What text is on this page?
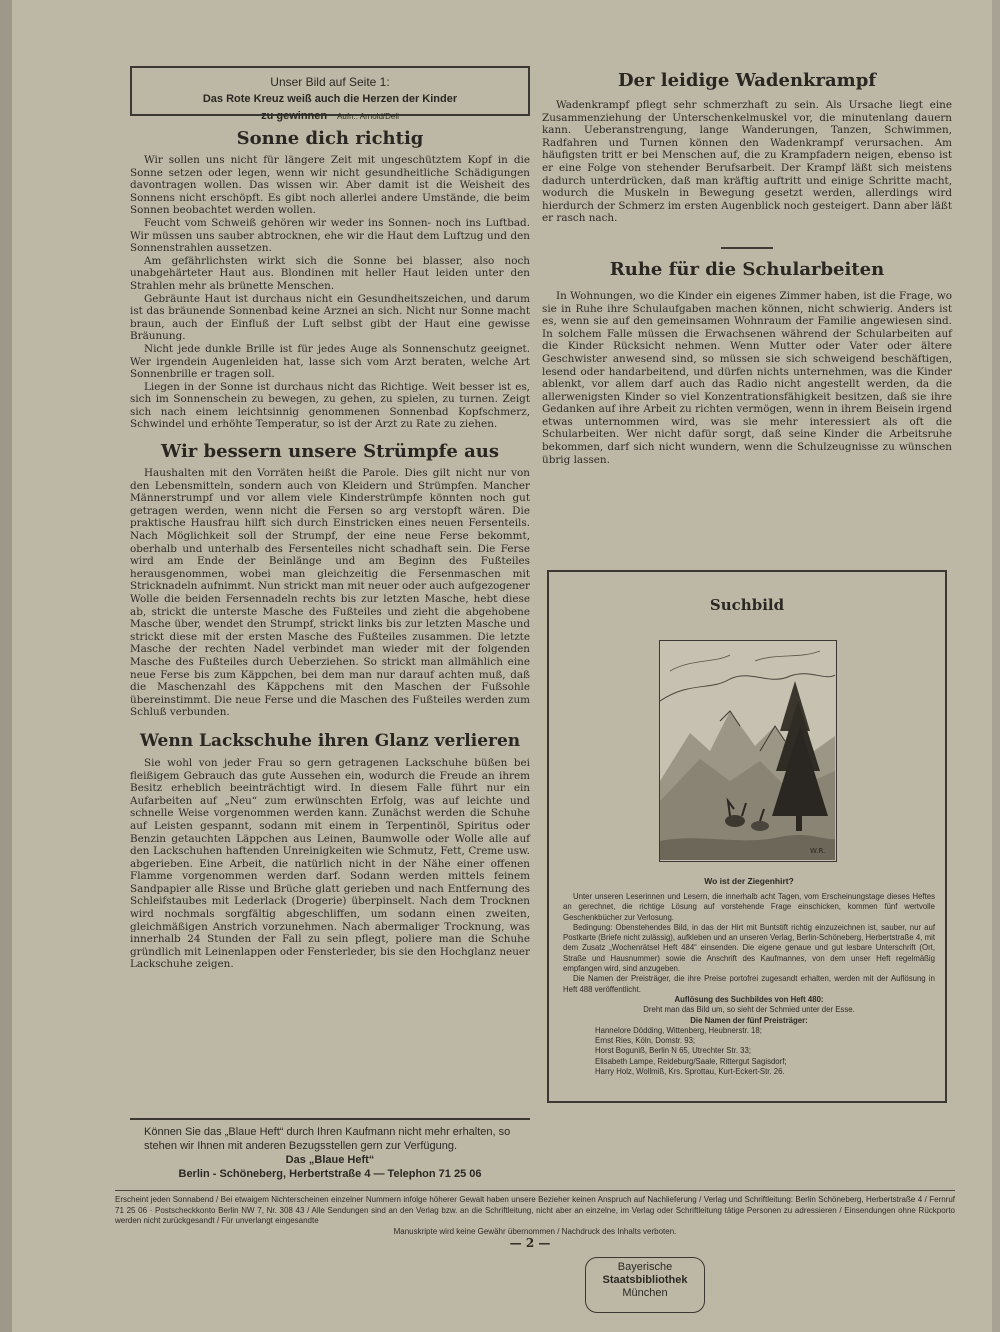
Unser Bild auf Seite 1:
Das Rote Kreuz weiß auch die Herzen der Kinder
zu gewinnen Aufn.: Arnold/Deli
Sonne dich richtig

Wir sollen uns nicht für längere Zeit mit ungeschütztem Kopf in die Sonne setzen oder legen, wenn wir nicht gesundheitliche Schädigungen davontragen wollen. Das wissen wir. Aber damit ist die Weisheit des Sonnens nicht erschöpft. Es gibt noch allerlei andere Umstände, die beim Sonnen beobachtet werden wollen.

Feucht vom Schweiß gehören wir weder ins Sonnen- noch ins Luftbad. Wir müssen uns sauber abtrocknen, ehe wir die Haut dem Luftzug und den Sonnenstrahlen aussetzen.

Am gefährlichsten wirkt sich die Sonne bei blasser, also noch unabgehärteter Haut aus. Blondinen mit heller Haut leiden unter den Strahlen mehr als brünette Menschen.

Gebräunte Haut ist durchaus nicht ein Gesundheitszeichen, und darum ist das bräunende Sonnenbad keine Arznei an sich. Nicht nur Sonne macht braun, auch der Einfluß der Luft selbst gibt der Haut eine gewisse Bräunung.

Nicht jede dunkle Brille ist für jedes Auge als Sonnenschutz geeignet. Wer irgendein Augenleiden hat, lasse sich vom Arzt beraten, welche Art Sonnenbrille er tragen soll.

Liegen in der Sonne ist durchaus nicht das Richtige. Weit besser ist es, sich im Sonnenschein zu bewegen, zu gehen, zu spielen, zu turnen. Zeigt sich nach einem leichtsinnig genommenen Sonnenbad Kopfschmerz, Schwindel und erhöhte Temperatur, so ist der Arzt zu Rate zu ziehen.

Wir bessern unsere Strümpfe aus

Haushalten mit den Vorräten heißt die Parole. Dies gilt nicht nur von den Lebensmitteln, sondern auch von Kleidern und Strümpfen. Mancher Männerstrumpf und vor allem viele Kinderstrümpfe könnten noch gut getragen werden, wenn nicht die Fersen so arg verstopft wären. Die praktische Hausfrau hilft sich durch Einstricken eines neuen Fersenteils. Nach Möglichkeit soll der Strumpf, der eine neue Ferse bekommt, oberhalb und unterhalb des Fersenteiles nicht schadhaft sein. Die Ferse wird am Ende der Beinlänge und am Beginn des Fußteiles herausgenommen, wobei man gleichzeitig die Fersenmaschen mit Stricknadeln aufnimmt. Nun strickt man mit neuer oder auch aufgezogener Wolle die beiden Fersennadeln rechts bis zur letzten Masche, hebt diese ab, strickt die unterste Masche des Fußteiles und zieht die abgehobene Masche über, wendet den Strumpf, strickt links bis zur letzten Masche und strickt diese mit der ersten Masche des Fußteiles zusammen. Die letzte Masche der rechten Nadel verbindet man wieder mit der folgenden Masche des Fußteiles durch Ueberziehen. So strickt man allmählich eine neue Ferse bis zum Käppchen, bei dem man nur darauf achten muß, daß die Maschenzahl des Käppchens mit den Maschen der Fußsohle übereinstimmt. Die neue Ferse und die Maschen des Fußteiles werden zum Schluß verbunden.

Wenn Lackschuhe ihren Glanz verlieren

Sie wohl von jeder Frau so gern getragenen Lackschuhe büßen bei fleißigem Gebrauch das gute Aussehen ein, wodurch die Freude an ihrem Besitz erheblich beeinträchtigt wird. In diesem Falle führt nur ein Aufarbeiten auf „Neu“ zum erwünschten Erfolg, was auf leichte und schnelle Weise vorgenommen werden kann. Zunächst werden die Schuhe auf Leisten gespannt, sodann mit einem in Terpentinöl, Spiritus oder Benzin getauchten Läppchen aus Leinen, Baumwolle oder Wolle alle auf den Lackschuhen haftenden Unreinigkeiten wie Schmutz, Fett, Creme usw. abgerieben. Eine Arbeit, die natürlich nicht in der Nähe einer offenen Flamme vorgenommen werden darf. Sodann werden mittels feinem Sandpapier alle Risse und Brüche glatt gerieben und nach Entfernung des Schleifstaubes mit Lederlack (Drogerie) überpinselt. Nach dem Trocknen wird nochmals sorgfältig abgeschliffen, um sodann einen zweiten, gleichmäßigen Anstrich vorzunehmen. Nach abermaliger Trocknung, was innerhalb 24 Stunden der Fall zu sein pflegt, poliere man die Schuhe gründlich mit Leinenlappen oder Fensterleder, bis sie den Hochglanz neuer Lackschuhe zeigen.

Können Sie das „Blaue Heft“ durch Ihren Kaufmann nicht mehr erhalten, so stehen wir Ihnen mit anderen Bezugsstellen gern zur Verfügung.
Das „Blaue Heft“
Berlin - Schöneberg, Herbertstraße 4 — Telephon 71 25 06
Der leidige Wadenkrampf

Wadenkrampf pflegt sehr schmerzhaft zu sein. Als Ursache liegt eine Zusammenziehung der Unterschenkelmuskel vor, die minutenlang dauern kann. Ueberanstrengung, lange Wanderungen, Tanzen, Schwimmen, Radfahren und Turnen können den Wadenkrampf verursachen. Am häufigsten tritt er bei Menschen auf, die zu Krampfadern neigen, ebenso ist er eine Folge von stehender Berufsarbeit. Der Krampf läßt sich meistens dadurch unterdrücken, daß man kräftig auftritt und einige Schritte macht, wodurch die Muskeln in Bewegung gesetzt werden, allerdings wird hierdurch der Schmerz im ersten Augenblick noch gesteigert. Dann aber läßt er rasch nach.

Ruhe für die Schularbeiten

In Wohnungen, wo die Kinder ein eigenes Zimmer haben, ist die Frage, wo sie in Ruhe ihre Schulaufgaben machen können, nicht schwierig. Anders ist es, wenn sie auf den gemeinsamen Wohnraum der Familie angewiesen sind. In solchem Falle müssen die Erwachsenen während der Schularbeiten auf die Kinder Rücksicht nehmen. Wenn Mutter oder Vater oder ältere Geschwister anwesend sind, so müssen sie sich schweigend beschäftigen, lesend oder handarbeitend, und dürfen nichts unternehmen, was die Kinder ablenkt, vor allem darf auch das Radio nicht angestellt werden, da die allerwenigsten Kinder so viel Konzentrationsfähigkeit besitzen, daß sie ihre Gedanken auf ihre Arbeit zu richten vermögen, wenn in ihrem Beisein irgend etwas unternommen wird, was sie mehr interessiert als oft die Schularbeiten. Wer nicht dafür sorgt, daß seine Kinder die Arbeitsruhe bekommen, darf sich nicht wundern, wenn die Schulzeugnisse zu wünschen übrig lassen.

Suchbild
W.R.
Wo ist der Ziegenhirt?

Unter unseren Leserinnen und Lesern, die innerhalb acht Tagen, vom Erscheinungstage dieses Heftes an gerechnet, die richtige Lösung auf vorstehende Frage einschicken, kommen fünf wertvolle Geschenkbücher zur Verlosung.

Bedingung: Obenstehendes Bild, in das der Hirt mit Buntstift richtig einzuzeichnen ist, sauber, nur auf Postkarte (Briefe nicht zulässig), aufkleben und an unseren Verlag, Berlin-Schöneberg, Herbertstraße 4, mit dem Zusatz „Wochenrätsel Heft 484“ einsenden. Die eigene genaue und gut lesbare Unterschrift (Ort, Straße und Hausnummer) sowie die Anschrift des Kaufmannes, von dem unser Heft regelmäßig empfangen wird, sind anzugeben.

Die Namen der Preisträger, die ihre Preise portofrei zugesandt erhalten, werden mit der Auflösung in Heft 488 veröffentlicht.

Auflösung des Suchbildes von Heft 480:

Dreht man das Bild um, so sieht der Schmied unter der Esse.

Die Namen der fünf Preisträger:

Hannelore Dödding, Wittenberg, Heubnerstr. 18;
Ernst Ries, Köln, Domstr. 93;
Horst Boguniß, Berlin N 65, Utrechter Str. 33;
Elisabeth Lampe, Reideburg/Saale, Rittergut Sagisdorf;
Harry Holz, Wollmiß, Krs. Sprottau, Kurt-Eckert-Str. 26.
Erscheint jeden Sonnabend / Bei etwaigem Nichterscheinen einzelner Nummern infolge höherer Gewalt haben unsere Bezieher keinen Anspruch auf Nachlieferung / Verlag und Schriftleitung: Berlin Schöneberg, Herbertstraße 4 / Fernruf 71 25 06 · Postscheckkonto Berlin NW 7, Nr. 308 43 / Alle Sendungen sind an den Verlag bzw. an die Schriftleitung, nicht aber an einzelne, im Verlag oder Schriftleitung tätige Personen zu adressieren / Einsendungen ohne Rückporto werden nicht zurückgesandt / Für unverlangt eingesandte
Manuskripte wird keine Gewähr übernommen / Nachdruck des Inhalts verboten.
— 2 —
Bayerische
Staatsbibliothek
München
